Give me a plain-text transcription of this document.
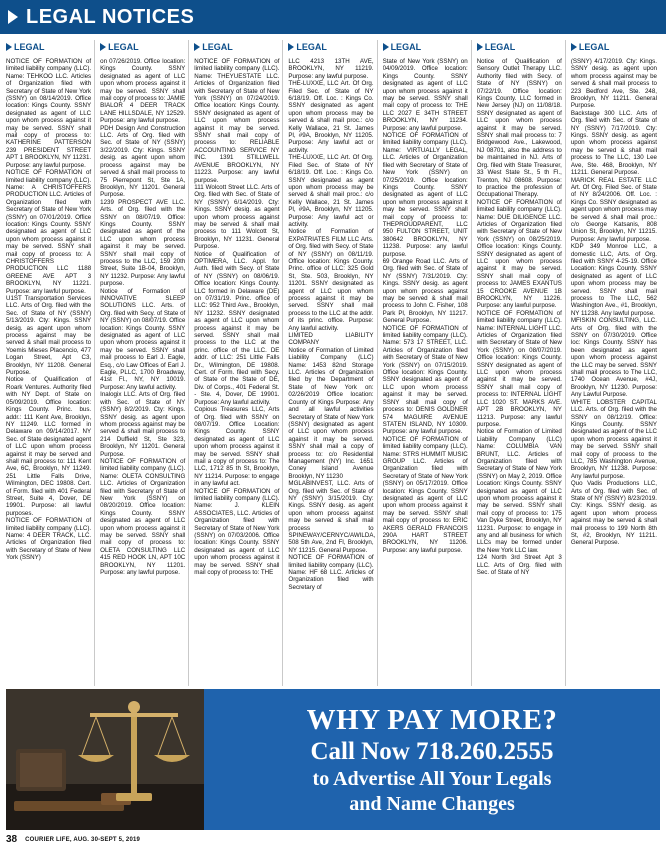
LEGAL NOTICES
LEGAL
NOTICE OF FORMATION of limited liability company (LLC). Name: TEHKOO LLC. Articles of Organization filed with Secretary of State of New York (SSNY) on 08/14/2019. Office location: Kings County. SSNY designated as agent of LLC upon whom process against it may be served. SSNY shall mail copy of process to: KATHERINE PATTERSON 239 PRESIDENT STREET APT 1 BROOKLYN, NY 11231. Purpose: any lawful purpose.
NOTICE OF FORMATION of limited liability company (LLC). Name: A CHRISTOFFERS PRODUCTION LLC. Articles of Organization filed with Secretary of State of New York (SSNY) on 07/01/2019. Office location: Kings County. SSNY designated as agent of LLC upon whom process against it may be served. SSNY shall mail copy of process to: A CHRISTOFFERS PRODUCTION LLC 1188 GREENE AVE APT 3 BROOKLYN, NY 11221. Purpose: any lawful purpose.
U1ST Transportation Services LLC. Arts of Org. filed with the Sec. of State of NY (SSNY) 5/13/2019. Cty: Kings. SSNY desig. as agent upon whom process against may be served & shall mail process to Yoemis Mieses Placencio, 477 Logan Street, Apt C3, Brooklyn, NY 11208. General Purpose.
Notice of Qualification of Roark Ventures. Authority filed with NY Dept. of State on 05/09/2019. Office location: Kings County. Princ. bus. addr.: 111 Kent Ave, Brooklyn, NY 11249. LLC formed in Delaware on 09/14/2017. NY Sec. of State designated agent of LLC upon whom process against it may be served and shall mail process to: 111 Kent Ave, 6C, Brooklyn, NY 11249. 251 Little Falls Drive, Wilmington, DEC 19808. Cert. of Form. filed with 401 Federal Street, Suite 4, Dover, DE 19901. Purpose: all lawful purposes.
NOTICE OF FORMATION of limited liability company (LLC). Name: 4 DEER TRACK, LLC. Articles of Organization filed with Secretary of State of New York (SSNY)
LEGAL
on 07/26/2019. Office location: Kings County. SSNY designated as agent of LLC upon whom process against it may be served. SSNY shall mail copy of process to: JAMIE BIALOR 4 DEER TRACK LANE HILLSDALE, NY 12529. Purpose: any lawful purpose.
PDH Design And Construction LLC. Arts of Org. filed with Sec. of State of NY (SSNY) 3/22/2019. Cty: Kings. SSNY desig. as agent upon whom process against may be served & shall mail process to 75 Pierrepont St, Ste 1A, Brooklyn, NY 11201. General Purpose.
1239 PROSPECT AVE LLC. Arts. of Org. filed with the SSNY on 08/07/19. Office: Kings County. SSNY designated as agent of the LLC upon whom process against it may be served. SSNY shall mail copy of process to the LLC, 159 20th Street, Suite 1B-04, Brooklyn, NY 11232. Purpose: Any lawful purpose.
Notice of Formation of INNOVATIVE SLEEP SOLUTIONS LLC. Arts. of Org. filed with Secy. of State of NY (SSNY) on 08/07/19. Office location: Kings County. SSNY designated as agent of LLC upon whom process against it may be served. SSNY shall mail process to Earl J. Eagle, Esq., c/o Law Offices of Earl J. Eagle, PLLC, 1700 Broadway, 41st Fl., NY, NY 10019. Purpose: Any lawful activity.
Inalogix LLC. Arts of Org. filed with Sec. of State of NY (SSNY) 8/2/2019. Cty: Kings. SSNY desig. as agent upon whom process against may be served & shall mail process to 214 Duffield St, Ste 323, Brooklyn, NY 11201. General Purpose.
NOTICE OF FORMATION of limited liability company (LLC). Name: OLETA CONSULTING LLC. Articles of Organization filed with Secretary of State of New York (SSNY) on 08/20/2019. Office location: Kings County. SSNY designated as agent of LLC upon whom process against it may be served. SSNY shall mail copy of process to: OLETA CONSULTING LLC 415 RED HOOK LN, APT 10C BROOKLYN, NY 11201. Purpose: any lawful purpose.
LEGAL
NOTICE OF FORMATION of limited liability company (LLC). Name: THEYUESTATE LLC. Articles of Organization filed with Secretary of State of New York (SSNY) on 07/24/2019. Office location: Kings County. SSNY designated as agent of LLC upon whom process against it may be served. SSNY shall mail copy of process to: RELIABLE ACCOUNTING SERVICE NY INC. 1391 STILLWELL AVENUE BROOKLYN, NY 11223. Purpose: any lawful purpose.
111 Wolcott Street LLC. Arts of Org. filed with Sec. of State of NY (SSNY) 6/14/2019. Cty: Kings. SSNY desig. as agent upon whom process against may be served & shall mail process to 111 Wolcott St, Brooklyn, NY 11231. General Purpose.
Notice of Qualification of OPTIMERA, LLC. Appl. for Auth. filed with Secy. of State of NY (SSNY) on 08/06/19. Office location: Kings County. LLC formed in Delaware (DE) on 07/31/19. Princ. office of LLC: 952 Third Ave., Brooklyn, NY 11232. SSNY designated as agent of LLC upon whom process against it may be served. SSNY shall mail process to the LLC at the princ. office of the LLC. DE addr. of LLC: 251 Little Falls Dr., Wilmington, DE 19808. Cert. of Form. filed with Secy. of State of the State of DE, Div. of Corps., 401 Federal St. - Ste. 4, Dover, DE 19901. Purpose: Any lawful activity.
Copious Treasures LLC, Arts of Org. filed with SSNY on 08/07/19. Office Location: Kings County. SSNY designated as agent of LLC upon whom process against it may be served. SSNY shall mail a copy of process to: The LLC, 1712 85 th St, Brooklyn, NY 11214. Purpose: to engage in any lawful act.
NOTICE OF FORMATION of limited liability company (LLC). Name: J. KLEIN ASSOCIATES, LLC. Articles of Organization filed with Secretary of State of New York (SSNY) on 07/03/2006. Office location: Kings County. SSNY designated as agent of LLC upon whom process against it may be served. SSNY shall mail copy of process to: THE
LEGAL
LLC 4213 13TH AVE, BROOKLYN, NY 11219. Purpose: any lawful purpose.
THE-LUXXE, LLC Art. Of Org. Filed Sec. of State of NY 6/18/19. Off. Loc. : Kings Co. SSNY designated as agent upon whom process may be served & shall mail proc.: c/o Kelly Wallace, 21 St. James Pl, #9A, Brooklyn, NY 11205. Purpose: Any lawful act or activity.
THE-LUXXE, LLC Art. Of Org. Filed Sec. of State of NY 6/18/19. Off. Loc. : Kings Co. SSNY designated as agent upon whom process may be served & shall mail proc.: c/o Kelly Wallace, 21 St. James Pl, #9A, Brooklyn, NY 11205. Purpose: Any lawful act or activity.
Notice of Formation of EXPATRIATES FILM LLC Arts. of Org. filed with Secy. of State of NY (SSNY) on 08/11/19. Office location: Kings County. Princ. office of LLC: 325 Gold St, Ste. 503, Brooklyn, NY 11201. SSNY designated as agent of LLC upon whom process against it may be served. SSNY shall mail process to the LLC at the addr. of its princ. office. Purpose: Any lawful activity.
LIMITED LIABILITY COMPANY
Notice of Formation of Limited Liability Company (LLC) Name: 1453 82nd Storage LLC. Articles of Organization filed by the Department of State of New York on: 02/26/2019 Office location: County of Kings Purpose: Any and all lawful activities Secretary of State of New York (SSNY) designated as agent of LLC upon whom process against it may be served. SSNY shall mail a copy of process to: c/o Residential Management (NY) Inc. 1651 Coney Island Avenue Brooklyn, NY 11230
MGLABINVEST, LLC. Arts of Org. filed with Sec. of State of NY (SSNY) 3/15/2019. Cty: Kings. SSNY desig. as agent upon whom process against may be served & shall mail process to SPINEWAY/CERNYC/AWILDA, 508 5th Ave, 2nd Fl, Brooklyn, NY 11215. General Purpose.
NOTICE OF FORMATION of limited liability company (LLC). Name: HF 68 LLC. Articles of Organization filed with Secretary of
LEGAL
State of New York (SSNY) on 04/09/2019. Office location: Kings County. SSNY designated as agent of LLC upon whom process against it may be served. SSNY shall mail copy of process to: THE LLC 2027 E 34TH STREET BROOKLYN, NY 11234. Purpose: any lawful purpose.
NOTICE OF FORMATION of limited liability company (LLC). Name: VIRTUALLY LEGAL, LLC. Articles of Organization filed with Secretary of State of New York (SSNY) on 07/25/2019. Office location: Kings County. SSNY designated as agent of LLC upon whom process against it may be served. SSNY shall mail copy of process to: THEPROUDPARENT, LLC 950 FULTON STREET, UNIT 380642 BROOKLYN, NY 11238. Purpose: any lawful purpose.
69 Orange Road LLC. Arts of Org. filed with Sec. of State of NY (SSNY) 7/31/2019. Cty: Kings. SSNY desig. as agent upon whom process against may be served & shall mail process to John C. Fisher, 108 Park Pl, Brooklyn, NY 11217. General Purpose.
NOTICE OF FORMATION of limited liability company (LLC). Name: 573 17 STREET, LLC. Articles of Organization filed with Secretary of State of New York (SSNY) on 07/15/2019. Office location: Kings County. SSNY designated as agent of LLC upon whom process against it may be served. SSNY shall mail copy of process to: DENIS GOLDNER 574 MAGUIRE AVENUE STATEN ISLAND, NY 10309. Purpose: any lawful purpose.
NOTICE OF FORMATION of limited liability company (LLC). Name: STRS HUMMIT MUSIC GROUP LLC. Articles of Organization filed with Secretary of State of New York (SSNY) on 05/17/2019. Office location: Kings County. SSNY designated as agent of LLC upon whom process against it may be served. SSNY shall mail copy of process to: ERIC AKERS GERALD FRANCOIS 290A HART STREET BROOKLYN, NY 11206. Purpose: any lawful purpose.
LEGAL
Notice of Qualification of Sensory Outlet Therapy LLC. Authority filed with Secy. of State of NY (SSNY) on 07/22/19. Office location: Kings County. LLC formed in New Jersey (NJ) on 11/08/18. SSNY designated as agent of LLC upon whom process against it may be served. SSNY shall mail process to: 7 Bridgewood Ave., Lakewood, NJ 08701, also the address to be maintained in NJ. Arts of Org. filed with State Treasurer, 33 West State St., 5 th Fl., Trenton, NJ 08608. Purpose: to practice the profession of Occupational Therapy.
NOTICE OF FORMATION of limited liability company (LLC). Name: DUE DILIGENCE LLC. Articles of Organization filed with Secretary of State of New York (SSNY) on 08/25/2019. Office location: Kings County. SSNY designated as agent of LLC upon whom process against it may be served. SSNY shall mail copy of process to: JAMES EXANTUS 15 CROOKE AVENUE 1B BROOKLYN, NY 11226. Purpose: any lawful purpose.
NOTICE OF FORMATION of limited liability company (LLC). Name: INTERNAL LIGHT LLC. Articles of Organization filed with Secretary of State of New York (SSNY) on 08/07/2019. Office location: Kings County. SSNY designated as agent of LLC upon whom process against it may be served. SSNY shall mail copy of process to: INTERNAL LIGHT LLC 1020 ST. MARKS AVE. APT 2B BROOKLYN, NY 11213. Purpose: any lawful purpose.
Notice of Formation of Limited Liability Company (LLC) Name: COLUMBIA VAN BRUNT, LLC. Articles of Organization filed with Secretary of State of New York (SSNY) on May 2, 2019. Office Location: Kings County. SSNY designated as agent of LLC upon whom process against it may be served. SSNY shall mail copy of process to: 175 Van Dyke Street, Brooklyn, NY 11231. Purpose: to engage in any and all business for which LLCs may be formed under the New York LLC law.
124 North 3rd Street Apt 3 LLC. Arts of Org. filed with Sec. of State of NY
LEGAL
(SSNY) 4/17/2019. Cty: Kings. SSNY desig. as agent upon whom process against may be served & shall mail process to 223 Bedford Ave, Ste. 248, Brooklyn, NY 11211. General Purpose.
Backstage 300 LLC. Arts of Org. filed with Sec. of State of NY (SSNY) 7/17/2019. Cty: Kings. SSNY desig. as agent upon whom process against may be served & shall mail process to The LLC, 130 Lee Ave, Ste. 468, Brooklyn, NY 11211. General Purpose.
MARICK REAL ESTATE LLC Art. Of Org. Filed Sec. of State of NY 8/24/2006. Off. Loc. : Kings Co. SSNY designated as agent upon whom process may be served & shall mail proc.: c/o George Katsanis, 808 Union St, Brooklyn, NY 11215. Purpose: Any lawful purpose.
KDP 349 Monroe LLC, a domestic LLC, Arts. of Org. filed with SSNY 4-25-19. Office Location: Kings County. SSNY designated as agent of LLC upon whom process may be served. SSNY shall mail process to The LLC, 562 Washington Ave., #1, Brooklyn, NY 11238. Any lawful purpose.
MFISKIN CONSULTING, LLC. Arts of Org. filed with the SSNY on 07/30/2019. Office loc: Kings County. SSNY has been designated as agent upon whom process against the LLC may be served. SSNY shall mail process to The LLC, 1740 Ocean Avenue, #4J, Brooklyn, NY 11230. Purpose: Any Lawful Purpose.
WHITE LOBSTER CAPITAL LLC. Arts. of Org. filed with the SSNY on 08/12/19. Office: Kings County. SSNY designated as agent of the LLC upon whom process against it may be served. SSNY shall mail copy of process to the LLC, 785 Washington Avenue, Brooklyn, NY 11238. Purpose: Any lawful purpose.
Quo Vadis Productions LLC, Arts of Org. filed with Sec. of State of NY (SSNY) 8/23/2019. Cty: Kings. SSNY desig. as agent upon whom process against may be served & shall mail process to 199 North 8th St, #2, Brooklyn, NY 11211. General Purpose.
WHY PAY MORE?
Call Now 718.260.2555
to Advertise All Your Legals
and Name Changes
38 COURIER LIFE, AUG. 30-SEPT 5, 2019
